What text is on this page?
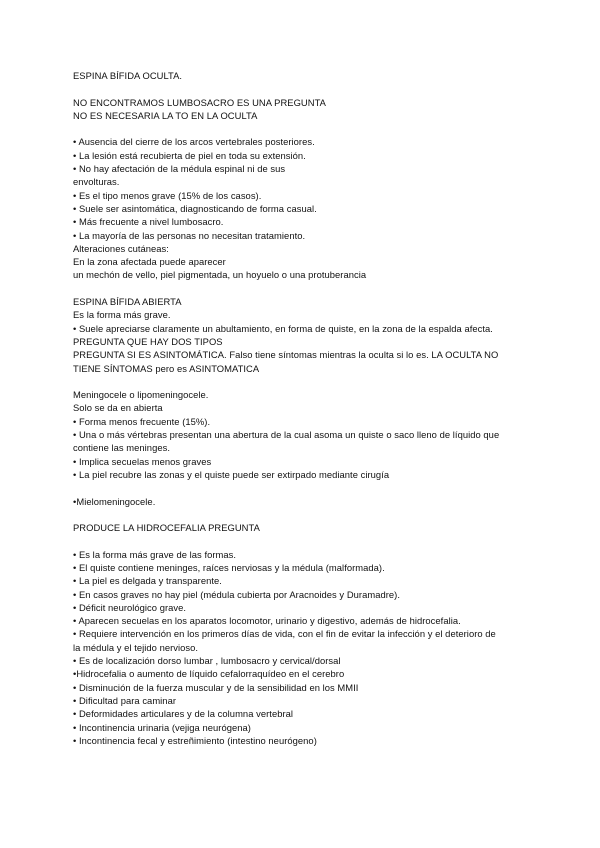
ESPINA BÍFIDA OCULTA.
NO ENCONTRAMOS LUMBOSACRO ES UNA PREGUNTA
NO ES NECESARIA LA TO EN LA OCULTA
• Ausencia del cierre de los arcos vertebrales posteriores.
• La lesión está recubierta de piel en toda su extensión.
• No hay afectación de la médula espinal ni de sus
envolturas.
• Es el tipo menos grave (15% de los casos).
• Suele ser asintomática, diagnosticando de forma casual.
• Más frecuente a nivel lumbosacro.
• La mayoría de las personas no necesitan tratamiento.
Alteraciones cutáneas:
En la zona afectada puede aparecer
un mechón de vello, piel pigmentada, un hoyuelo o una protuberancia
ESPINA BÍFIDA ABIERTA
Es la forma más grave.
• Suele apreciarse claramente un abultamiento, en forma de quiste, en la zona de la espalda afecta.
PREGUNTA QUE HAY DOS TIPOS
PREGUNTA SI ES ASINTOMÁTICA. Falso tiene síntomas mientras la oculta si lo es. LA OCULTA NO
TIENE SÍNTOMAS pero es ASINTOMATICA
Meningocele o lipomeningocele.
Solo se da en abierta
• Forma menos frecuente (15%).
• Una o más vértebras presentan una abertura de la cual asoma un quiste o saco lleno de líquido que
contiene las meninges.
• Implica secuelas menos graves
• La piel recubre las zonas y el quiste puede ser extirpado mediante cirugía
•Mielomeningocele.
PRODUCE LA HIDROCEFALIA PREGUNTA
• Es la forma más grave de las formas.
• El quiste contiene meninges, raíces nerviosas y la médula (malformada).
• La piel es delgada y transparente.
• En casos graves no hay piel (médula cubierta por Aracnoides y Duramadre).
• Déficit neurológico grave.
• Aparecen secuelas en los aparatos locomotor, urinario y digestivo, además de hidrocefalia.
• Requiere intervención en los primeros días de vida, con el fin de evitar la infección y el deterioro de
la médula y el tejido nervioso.
• Es de localización dorso lumbar , lumbosacro y cervical/dorsal
•Hidrocefalia o aumento de líquido cefalorraquídeo en el cerebro
• Disminución de la fuerza muscular y de la sensibilidad en los MMII
• Dificultad para caminar
• Deformidades articulares y de la columna vertebral
• Incontinencia urinaria (vejiga neurógena)
• Incontinencia fecal y estreñimiento (intestino neurógeno)
